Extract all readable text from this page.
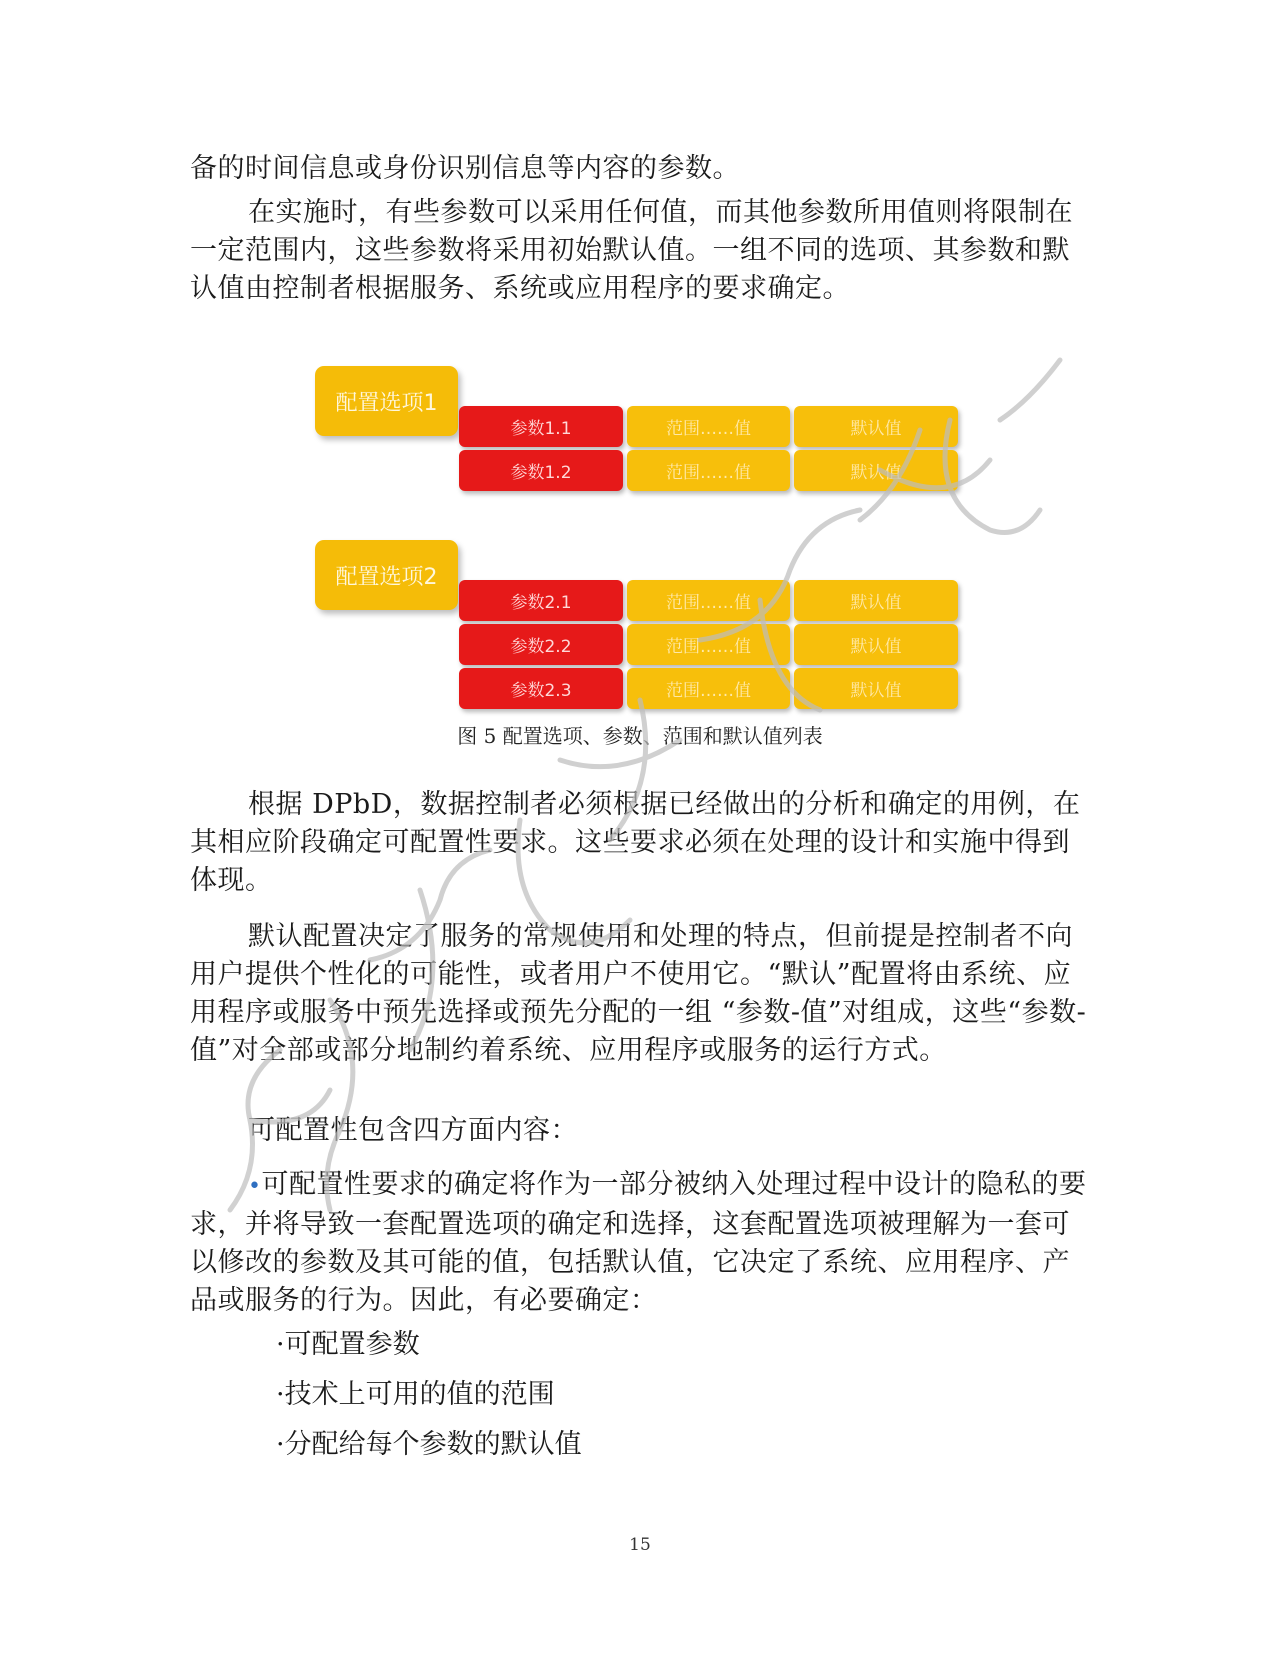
备的时间信息或身份识别信息等内容的参数。

在实施时，有些参数可以采用任何值，而其他参数所用值则将限制在一定范围内，这些参数将采用初始默认值。一组不同的选项、其参数和默认值由控制者根据服务、系统或应用程序的要求确定。

配置选项1
参数1.1	范围……值	默认值
参数1.2	范围……值	默认值
配置选项2
参数2.1	范围……值	默认值
参数2.2	范围……值	默认值
参数2.3	范围……值	默认值
图 5 配置选项、参数、范围和默认值列表

根据 DPbD，数据控制者必须根据已经做出的分析和确定的用例，在其相应阶段确定可配置性要求。这些要求必须在处理的设计和实施中得到体现。

默认配置决定了服务的常规使用和处理的特点，但前提是控制者不向用户提供个性化的可能性，或者用户不使用它。“默认”配置将由系统、应用程序或服务中预先选择或预先分配的一组 “参数-值”对组成，这些“参数-值”对全部或部分地制约着系统、应用程序或服务的运行方式。

可配置性包含四方面内容：

•可配置性要求的确定将作为一部分被纳入处理过程中设计的隐私的要求，并将导致一套配置选项的确定和选择，这套配置选项被理解为一套可以修改的参数及其可能的值，包括默认值，它决定了系统、应用程序、产品或服务的行为。因此，有必要确定：

·可配置参数

·技术上可用的值的范围

·分配给每个参数的默认值

15
